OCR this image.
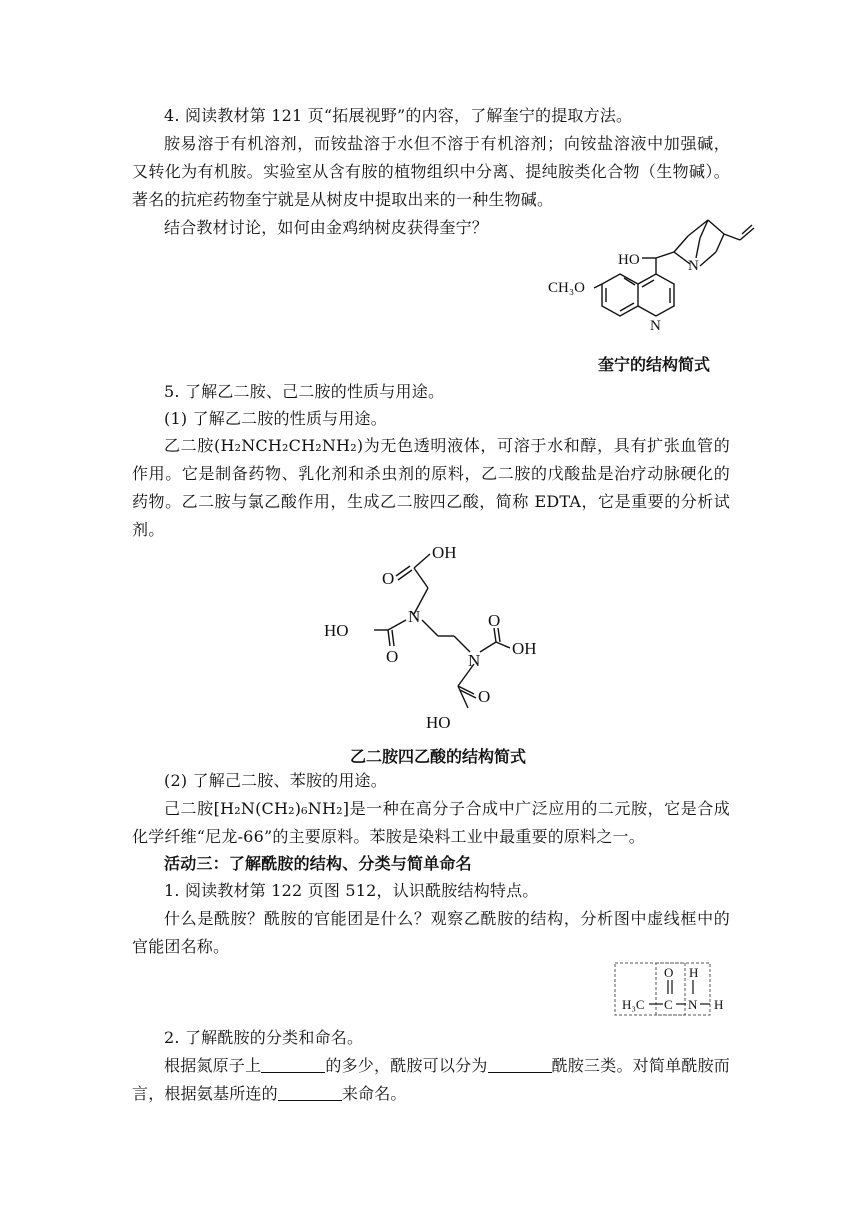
4. 阅读教材第 121 页“拓展视野”的内容，了解奎宁的提取方法。
胺易溶于有机溶剂，而铵盐溶于水但不溶于有机溶剂；向铵盐溶液中加强碱，又转化为有机胺。实验室从含有胺的植物组织中分离、提纯胺类化合物（生物碱）。著名的抗疟药物奎宁就是从树皮中提取出来的一种生物碱。
结合教材讨论，如何由金鸡纳树皮获得奎宁？
HO
CH₃O
N
N
奎宁的结构简式
5. 了解乙二胺、己二胺的性质与用途。
(1) 了解乙二胺的性质与用途。
乙二胺(H₂NCH₂CH₂NH₂)为无色透明液体，可溶于水和醇，具有扩张血管的作用。它是制备药物、乳化剂和杀虫剂的原料，乙二胺的戊酸盐是治疗动脉硬化的药物。乙二胺与氯乙酸作用，生成乙二胺四乙酸，简称 EDTA，它是重要的分析试剂。
OH
O
N
HO
O
O
OH
N
O
HO
乙二胺四乙酸的结构简式
(2) 了解己二胺、苯胺的用途。
己二胺[H₂N(CH₂)₆NH₂]是一种在高分子合成中广泛应用的二元胺，它是合成化学纤维“尼龙-66”的主要原料。苯胺是染料工业中最重要的原料之一。
活动三：了解酰胺的结构、分类与简单命名
1. 阅读教材第 122 页图 512，认识酰胺结构特点。
什么是酰胺？酰胺的官能团是什么？观察乙酰胺的结构，分析图中虚线框中的官能团名称。
O H
H₃C C N H
2. 了解酰胺的分类和命名。
根据氮原子上	的多少，酰胺可以分为	酰胺三类。对简单酰胺而言，根据氨基所连的	来命名。
